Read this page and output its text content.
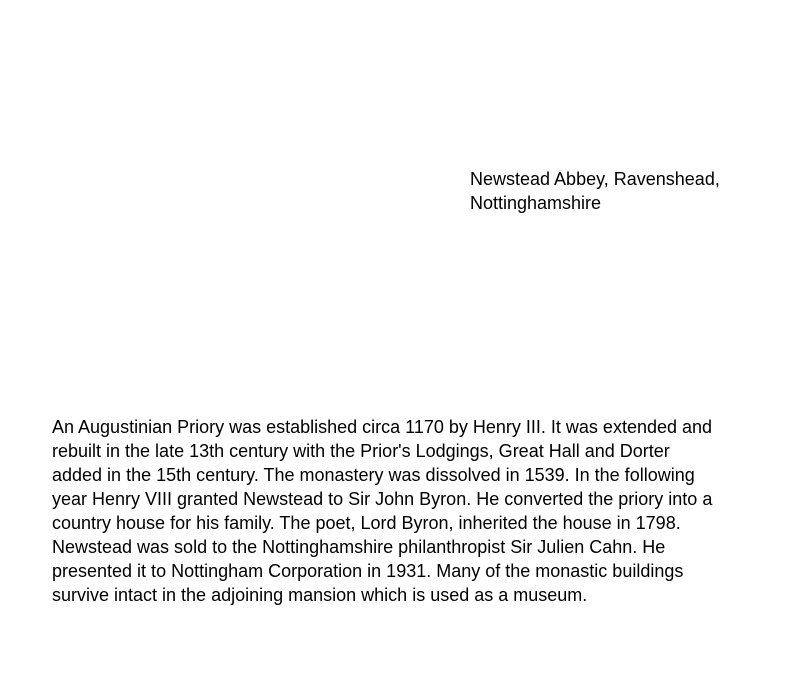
Newstead Abbey, Ravenshead,
Nottinghamshire
An Augustinian Priory was established circa 1170 by Henry III. It was extended and
rebuilt in the late 13th century with the Prior's Lodgings, Great Hall and Dorter
added in the 15th century. The monastery was dissolved in 1539. In the following
year Henry VIII granted Newstead to Sir John Byron. He converted the priory into a
country house for his family. The poet, Lord Byron, inherited the house in 1798.
Newstead was sold to the Nottinghamshire philanthropist Sir Julien Cahn. He
presented it to Nottingham Corporation in 1931. Many of the monastic buildings
survive intact in the adjoining mansion which is used as a museum.
